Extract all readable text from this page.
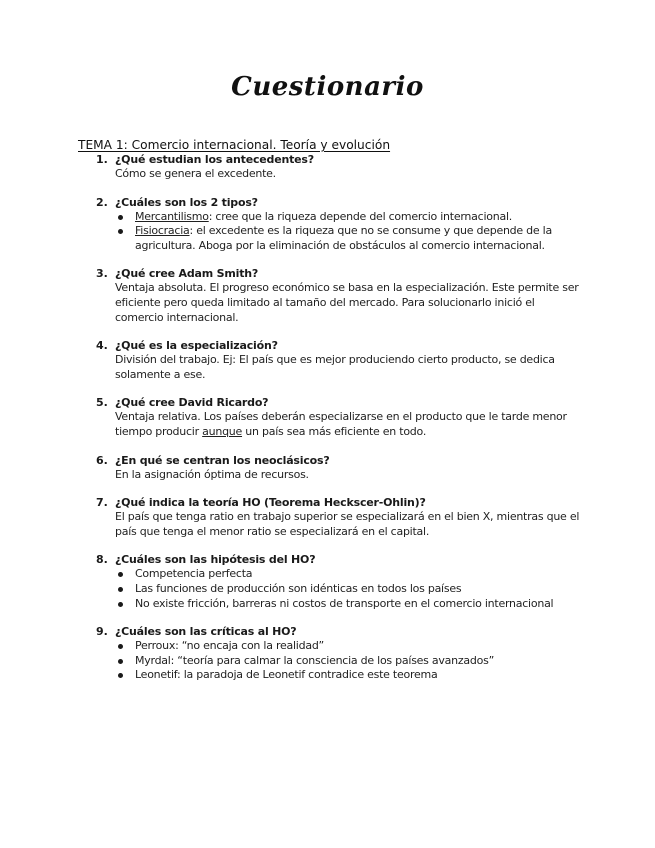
Cuestionario
TEMA 1: Comercio internacional. Teoría y evolución
1. ¿Qué estudian los antecedentes?
Cómo se genera el excedente.
2. ¿Cuáles son los 2 tipos?
Mercantilismo: cree que la riqueza depende del comercio internacional.
Fisiocracia: el excedente es la riqueza que no se consume y que depende de la agricultura. Aboga por la eliminación de obstáculos al comercio internacional.
3. ¿Qué cree Adam Smith?
Ventaja absoluta. El progreso económico se basa en la especialización. Este permite ser eficiente pero queda limitado al tamaño del mercado. Para solucionarlo inició el comercio internacional.
4. ¿Qué es la especialización?
División del trabajo. Ej: El país que es mejor produciendo cierto producto, se dedica solamente a ese.
5. ¿Qué cree David Ricardo?
Ventaja relativa. Los países deberán especializarse en el producto que le tarde menor tiempo producir aunque un país sea más eficiente en todo.
6. ¿En qué se centran los neoclásicos?
En la asignación óptima de recursos.
7. ¿Qué indica la teoría HO (Teorema Heckscer-Ohlin)?
El país que tenga ratio en trabajo superior se especializará en el bien X, mientras que el país que tenga el menor ratio se especializará en el capital.
8. ¿Cuáles son las hipótesis del HO?
Competencia perfecta
Las funciones de producción son idénticas en todos los países
No existe fricción, barreras ni costos de transporte en el comercio internacional
9. ¿Cuáles son las críticas al HO?
Perroux: “no encaja con la realidad”
Myrdal: “teoría para calmar la consciencia de los países avanzados”
Leonetif: la paradoja de Leonetif contradice este teorema
